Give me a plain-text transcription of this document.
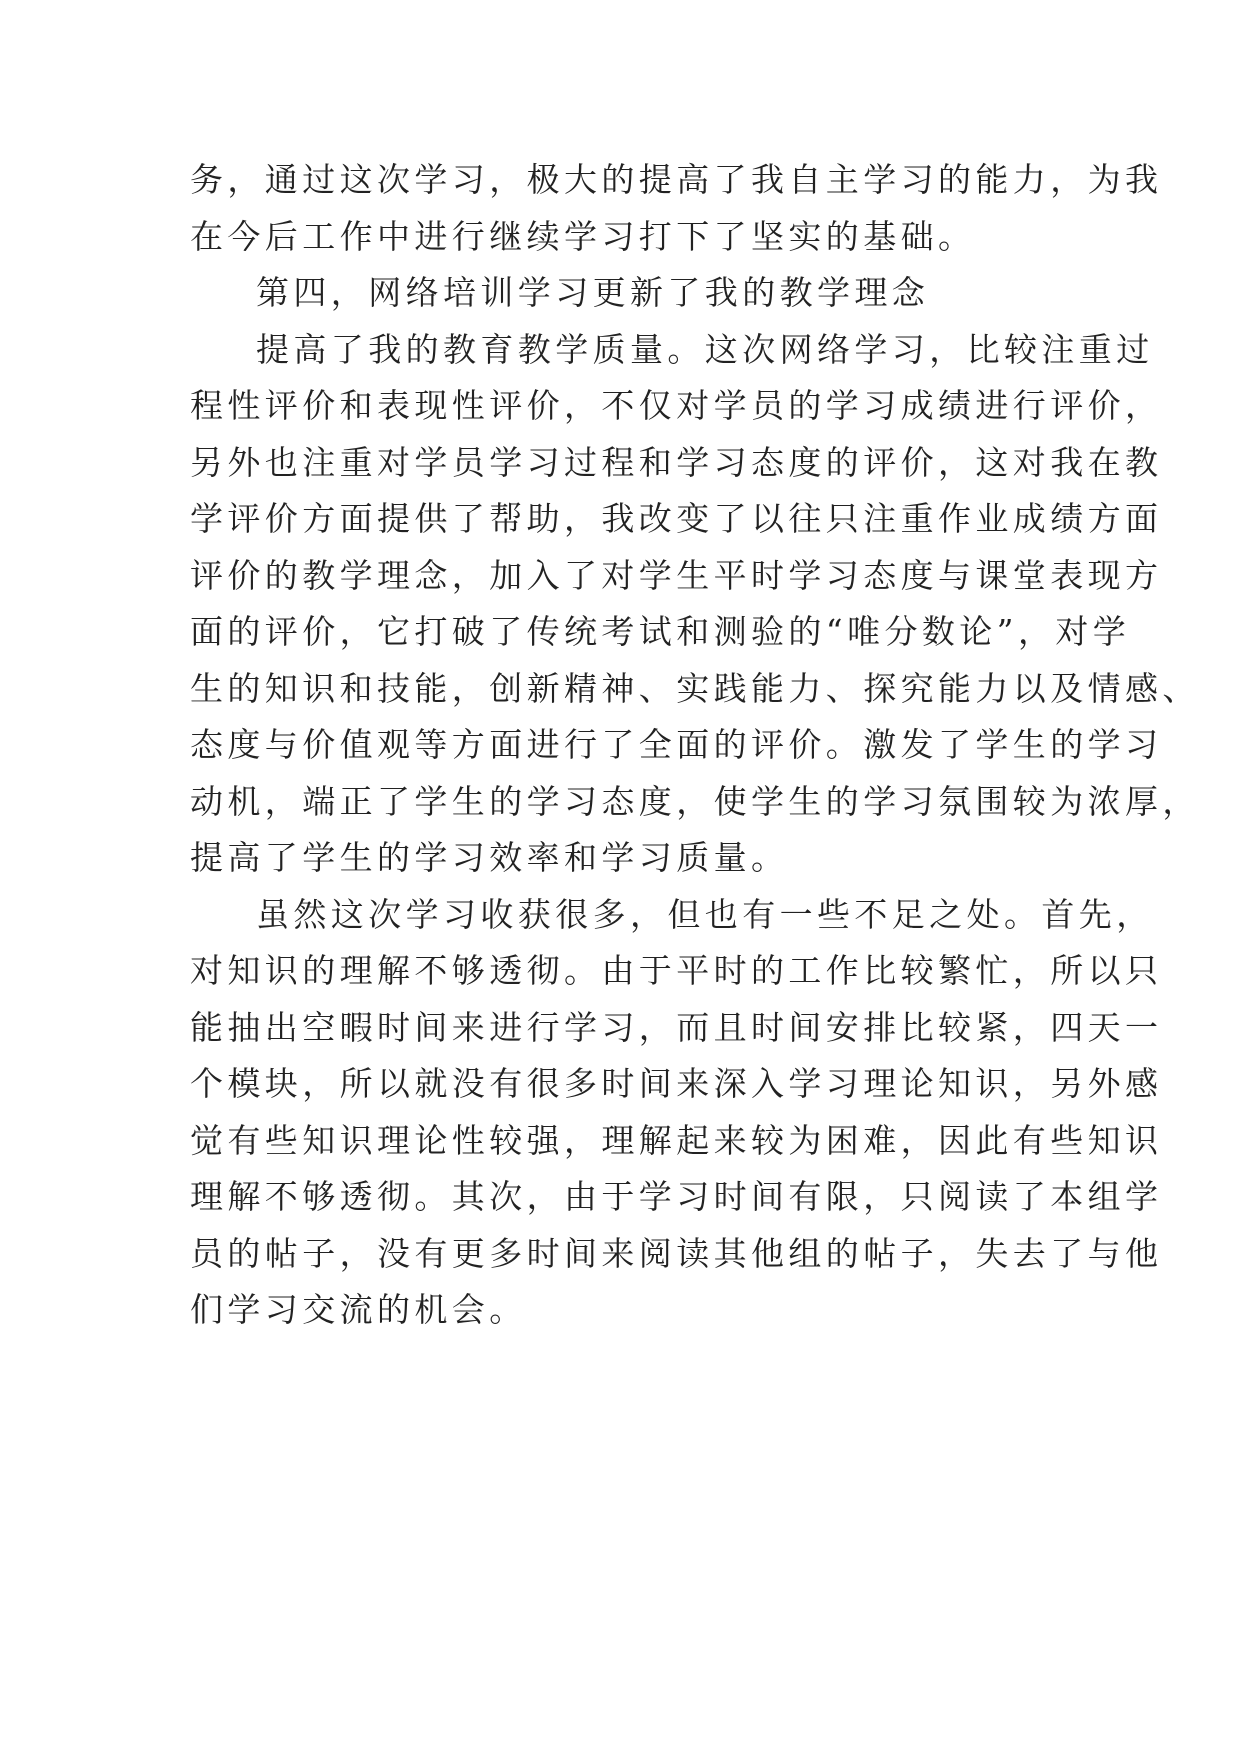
务，通过这次学习，极大的提高了我自主学习的能力，为我
在今后工作中进行继续学习打下了坚实的基础。
第四，网络培训学习更新了我的教学理念
提高了我的教育教学质量。这次网络学习，比较注重过
程性评价和表现性评价，不仅对学员的学习成绩进行评价，
另外也注重对学员学习过程和学习态度的评价，这对我在教
学评价方面提供了帮助，我改变了以往只注重作业成绩方面
评价的教学理念，加入了对学生平时学习态度与课堂表现方
面的评价，它打破了传统考试和测验的“唯分数论”，对学
生的知识和技能，创新精神、实践能力、探究能力以及情感、
态度与价值观等方面进行了全面的评价。激发了学生的学习
动机，端正了学生的学习态度，使学生的学习氛围较为浓厚，
提高了学生的学习效率和学习质量。
虽然这次学习收获很多，但也有一些不足之处。首先，
对知识的理解不够透彻。由于平时的工作比较繁忙，所以只
能抽出空暇时间来进行学习，而且时间安排比较紧，四天一
个模块，所以就没有很多时间来深入学习理论知识，另外感
觉有些知识理论性较强，理解起来较为困难，因此有些知识
理解不够透彻。其次，由于学习时间有限，只阅读了本组学
员的帖子，没有更多时间来阅读其他组的帖子，失去了与他
们学习交流的机会。
